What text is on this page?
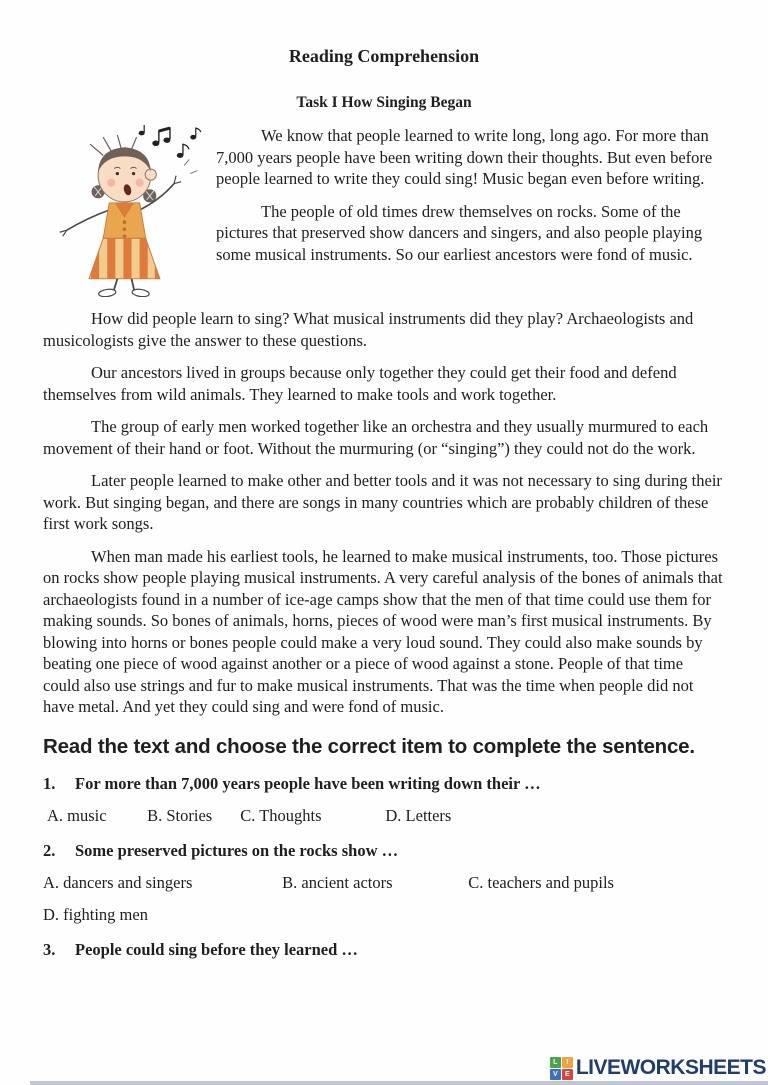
Reading Comprehension
Task I How Singing Began

We know that people learned to write long, long ago. For more than 7,000 years people have been writing down their thoughts. But even before people learned to write they could sing! Music began even before writing.

The people of old times drew themselves on rocks. Some of the pictures that preserved show dancers and singers, and also people playing some musical instruments. So our earliest ancestors were fond of music.

How did people learn to sing? What musical instruments did they play? Archaeologists and musicologists give the answer to these questions.

Our ancestors lived in groups because only together they could get their food and defend themselves from wild animals. They learned to make tools and work together.

The group of early men worked together like an orchestra and they usually murmured to each movement of their hand or foot. Without the murmuring (or “singing”) they could not do the work.

Later people learned to make other and better tools and it was not necessary to sing during their work. But singing began, and there are songs in many countries which are probably children of these first work songs.

When man made his earliest tools, he learned to make musical instruments, too. Those pictures on rocks show people playing musical instruments. A very careful analysis of the bones of animals that archaeologists found in a number of ice-age camps show that the men of that time could use them for making sounds. So bones of animals, horns, pieces of wood were man’s first musical instruments. By blowing into horns or bones people could make a very loud sound. They could also make sounds by beating one piece of wood against another or a piece of wood against a stone. People of that time could also use strings and fur to make musical instruments. That was the time when people did not have metal. And yet they could sing and were fond of music.

Read the text and choose the correct item to complete the sentence.
1.	For more than 7,000 years people have been writing down their …
A. music B. Stories C. Thoughts	D. Letters
2.	Some preserved pictures on the rocks show …
A. dancers and singers	B. ancient actors	C. teachers and pupils
D. fighting men
3.	People could sing before they learned …
L	I
V	E LIVEWORKSHEETS
